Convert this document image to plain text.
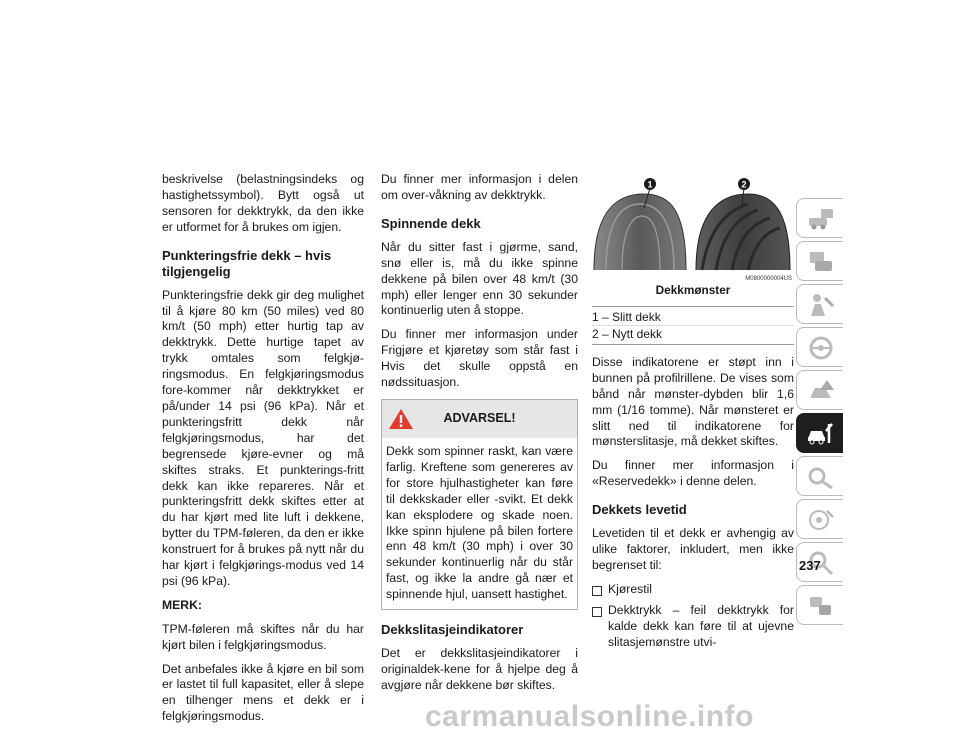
beskrivelse (belastningsindeks og hastighetssymbol). Bytt også ut sensoren for dekktrykk, da den ikke er utformet for å brukes om igjen.

Punkteringsfrie dekk – hvis tilgjengelig

Punkteringsfrie dekk gir deg mulighet til å kjøre 80 km (50 miles) ved 80 km/t (50 mph) etter hurtig tap av dekktrykk. Dette hurtige tapet av trykk omtales som felgkjø-ringsmodus. En felgkjøringsmodus fore-kommer når dekktrykket er på/under 14 psi (96 kPa). Når et punkteringsfritt dekk når felgkjøringsmodus, har det begrensede kjøre-evner og må skiftes straks. Et punkterings-fritt dekk kan ikke repareres. Når et punkteringsfritt dekk skiftes etter at du har kjørt med lite luft i dekkene, bytter du TPM-føleren, da den er ikke konstruert for å brukes på nytt når du har kjørt i felgkjørings-modus ved 14 psi (96 kPa).

MERK:

TPM-føleren må skiftes når du har kjørt bilen i felgkjøringsmodus.

Det anbefales ikke å kjøre en bil som er lastet til full kapasitet, eller å slepe en tilhenger mens et dekk er i felgkjøringsmodus.

Du finner mer informasjon i delen om over-våkning av dekktrykk.

Spinnende dekk

Når du sitter fast i gjørme, sand, snø eller is, må du ikke spinne dekkene på bilen over 48 km/t (30 mph) eller lenger enn 30 sekunder kontinuerlig uten å stoppe.

Du finner mer informasjon under Frigjøre et kjøretøy som står fast i Hvis det skulle oppstå en nødssituasjon.

ADVARSEL!
Dekk som spinner raskt, kan være farlig. Kreftene som genereres av for store hjulhastigheter kan føre til dekkskader eller -svikt. Et dekk kan eksplodere og skade noen. Ikke spinn hjulene på bilen fortere enn 48 km/t (30 mph) i over 30 sekunder kontinuerlig når du står fast, og ikke la andre gå nær et spinnende hjul, uansett hastighet.
Dekkslitasjeindikatorer

Det er dekkslitasjeindikatorer i originaldek-kene for å hjelpe deg å avgjøre når dekkene bør skiftes.

1	2
M0800000004US
Dekkmønster
1 – Slitt dekk
2 – Nytt dekk

Disse indikatorene er støpt inn i bunnen på profilrillene. De vises som bånd når mønster-dybden blir 1,6 mm (1/16 tomme). Når mønsteret er slitt ned til indikatorene for mønsterslitasje, må dekket skiftes.

Du finner mer informasjon i «Reservedekk» i denne delen.

Dekkets levetid

Levetiden til et dekk er avhengig av ulike faktorer, inkludert, men ikke begrenset til:

Kjørestil
Dekktrykk – feil dekktrykk for kalde dekk kan føre til at ujevne slitasjemønstre utvi-
237
carmanualsonline.info
